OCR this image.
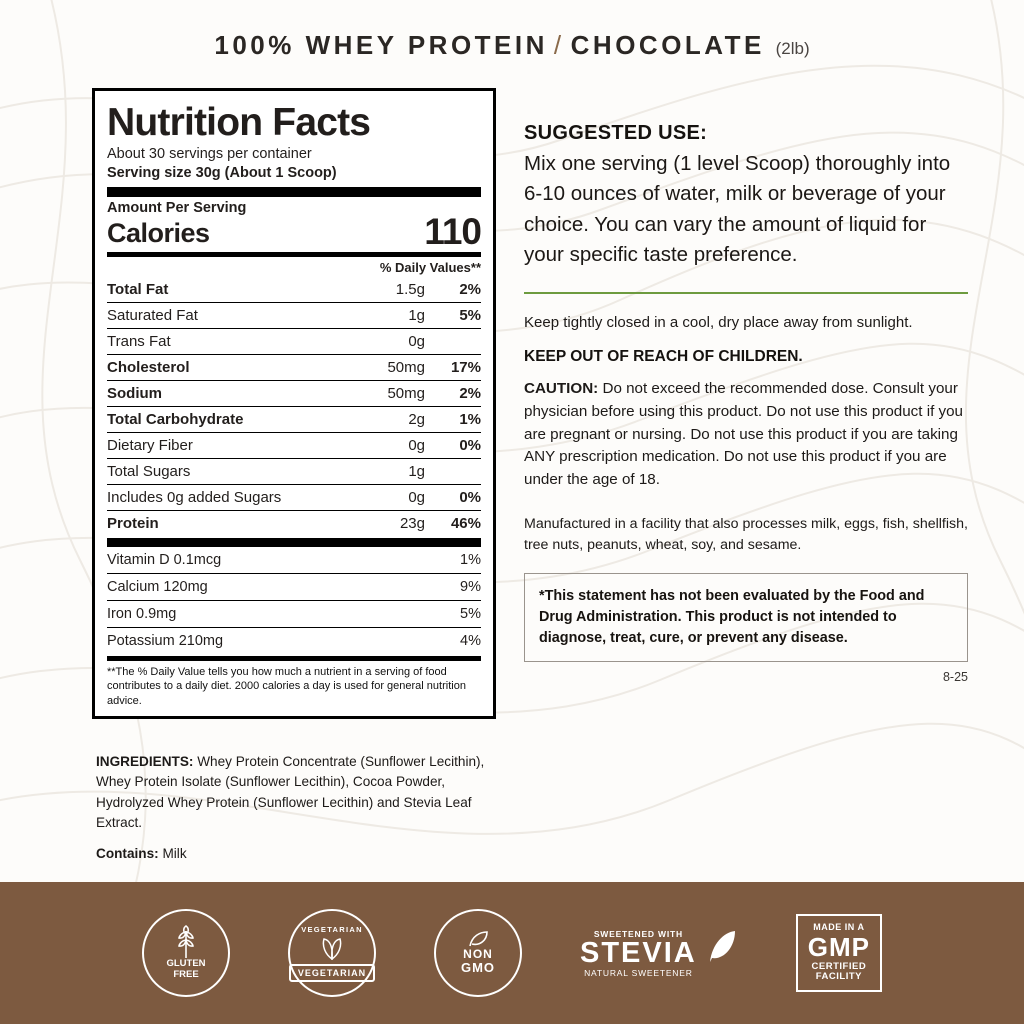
100% WHEY PROTEIN / CHOCOLATE (2lb)
Nutrition Facts
About 30 servings per container
Serving size 30g (About 1 Scoop)
Amount Per Serving
Calories	110
% Daily Values**
Total Fat	1.5g	2%
Saturated Fat	1g	5%
Trans Fat	0g	
Cholesterol	50mg	17%
Sodium	50mg	2%
Total Carbohydrate	2g	1%
Dietary Fiber	0g	0%
Total Sugars	1g	
Includes 0g added Sugars	0g	0%
Protein	23g	46%
Vitamin D 0.1mcg	1%
Calcium 120mg	9%
Iron 0.9mg	5%
Potassium 210mg	4%
**The % Daily Value tells you how much a nutrient in a serving of food contributes to a daily diet. 2000 calories a day is used for general nutrition advice.
INGREDIENTS: Whey Protein Concentrate (Sunflower Lecithin), Whey Protein Isolate (Sunflower Lecithin), Cocoa Powder, Hydrolyzed Whey Protein (Sunflower Lecithin) and Stevia Leaf Extract.
Contains: Milk
SUGGESTED USE:
Mix one serving (1 level Scoop) thoroughly into 6-10 ounces of water, milk or beverage of your choice. You can vary the amount of liquid for your specific taste preference.
Keep tightly closed in a cool, dry place away from sunlight.
KEEP OUT OF REACH OF CHILDREN.
CAUTION: Do not exceed the recommended dose. Consult your physician before using this product. Do not use this product if you are pregnant or nursing. Do not use this product if you are taking ANY prescription medication. Do not use this product if you are under the age of 18.
Manufactured in a facility that also processes milk, eggs, fish, shellfish, tree nuts, peanuts, wheat, soy, and sesame.
*This statement has not been evaluated by the Food and Drug Administration. This product is not intended to diagnose, treat, cure, or prevent any disease.
8-25
GLUTEN
FREE
VEGETARIAN
VEGETARIAN
NON
GMO
SWEETENED WITH
STEVIA
NATURAL SWEETENER
MADE IN A
GMP
CERTIFIED
FACILITY
